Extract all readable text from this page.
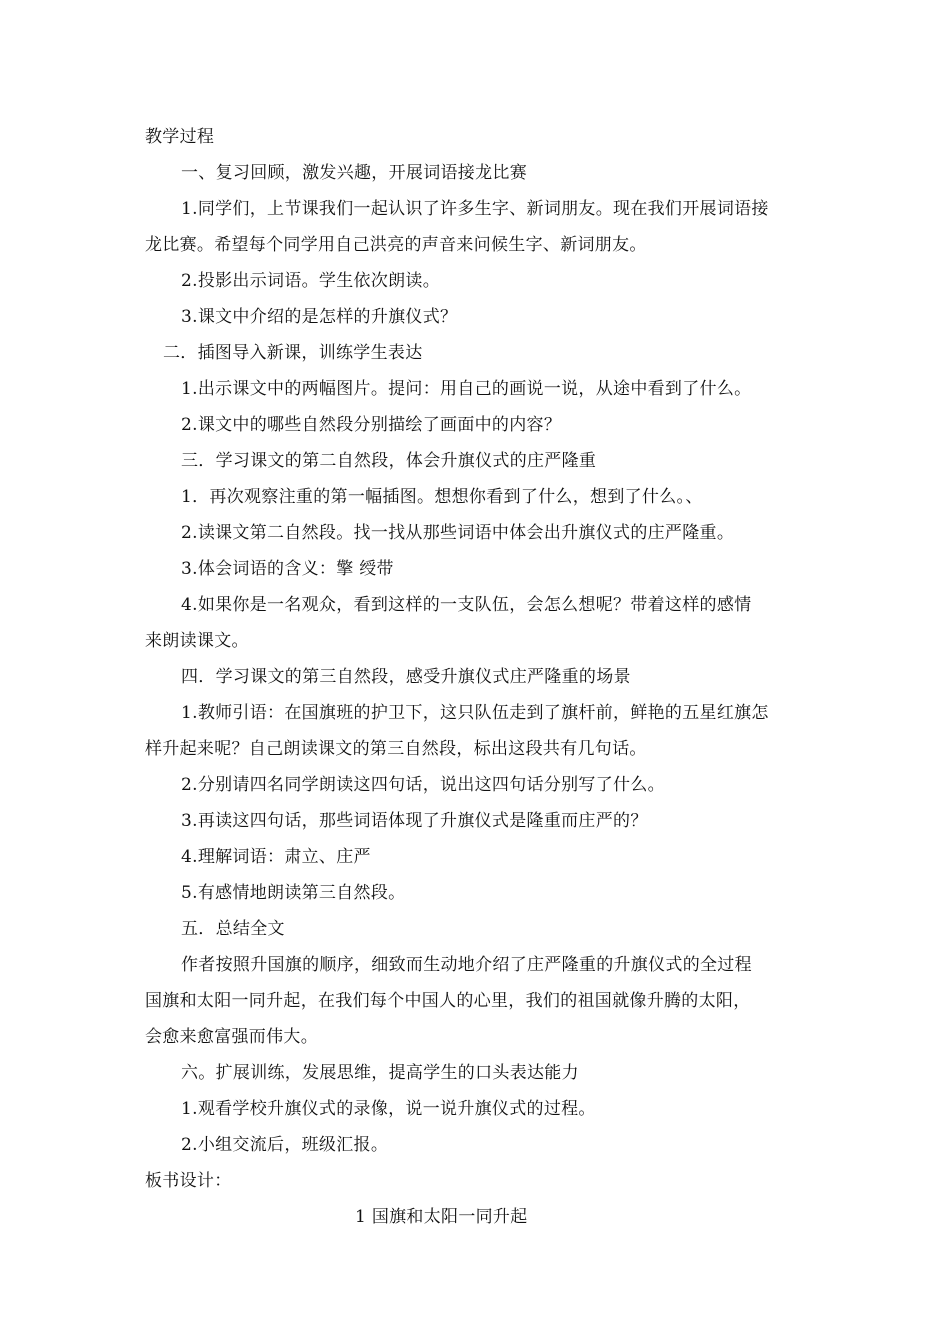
教学过程
一、复习回顾，激发兴趣，开展词语接龙比赛
1.同学们，上节课我们一起认识了许多生字、新词朋友。现在我们开展词语接
龙比赛。希望每个同学用自己洪亮的声音来问候生字、新词朋友。
2.投影出示词语。学生依次朗读。
3.课文中介绍的是怎样的升旗仪式？
二．插图导入新课，训练学生表达
1.出示课文中的两幅图片。提问：用自己的画说一说，从途中看到了什么。
2.课文中的哪些自然段分别描绘了画面中的内容？
三．学习课文的第二自然段，体会升旗仪式的庄严隆重
1．再次观察注重的第一幅插图。想想你看到了什么，想到了什么。、
2.读课文第二自然段。找一找从那些词语中体会出升旗仪式的庄严隆重。
3.体会词语的含义：擎 绶带
4.如果你是一名观众，看到这样的一支队伍，会怎么想呢？带着这样的感情
来朗读课文。
四．学习课文的第三自然段，感受升旗仪式庄严隆重的场景
1.教师引语：在国旗班的护卫下，这只队伍走到了旗杆前，鲜艳的五星红旗怎
样升起来呢？自己朗读课文的第三自然段，标出这段共有几句话。
2.分别请四名同学朗读这四句话，说出这四句话分别写了什么。
3.再读这四句话，那些词语体现了升旗仪式是隆重而庄严的？
4.理解词语：肃立、庄严
5.有感情地朗读第三自然段。
五．总结全文
作者按照升国旗的顺序，细致而生动地介绍了庄严隆重的升旗仪式的全过程
国旗和太阳一同升起，在我们每个中国人的心里，我们的祖国就像升腾的太阳，
会愈来愈富强而伟大。
六。扩展训练，发展思维，提高学生的口头表达能力
1.观看学校升旗仪式的录像，说一说升旗仪式的过程。
2.小组交流后，班级汇报。
板书设计：
1 国旗和太阳一同升起
